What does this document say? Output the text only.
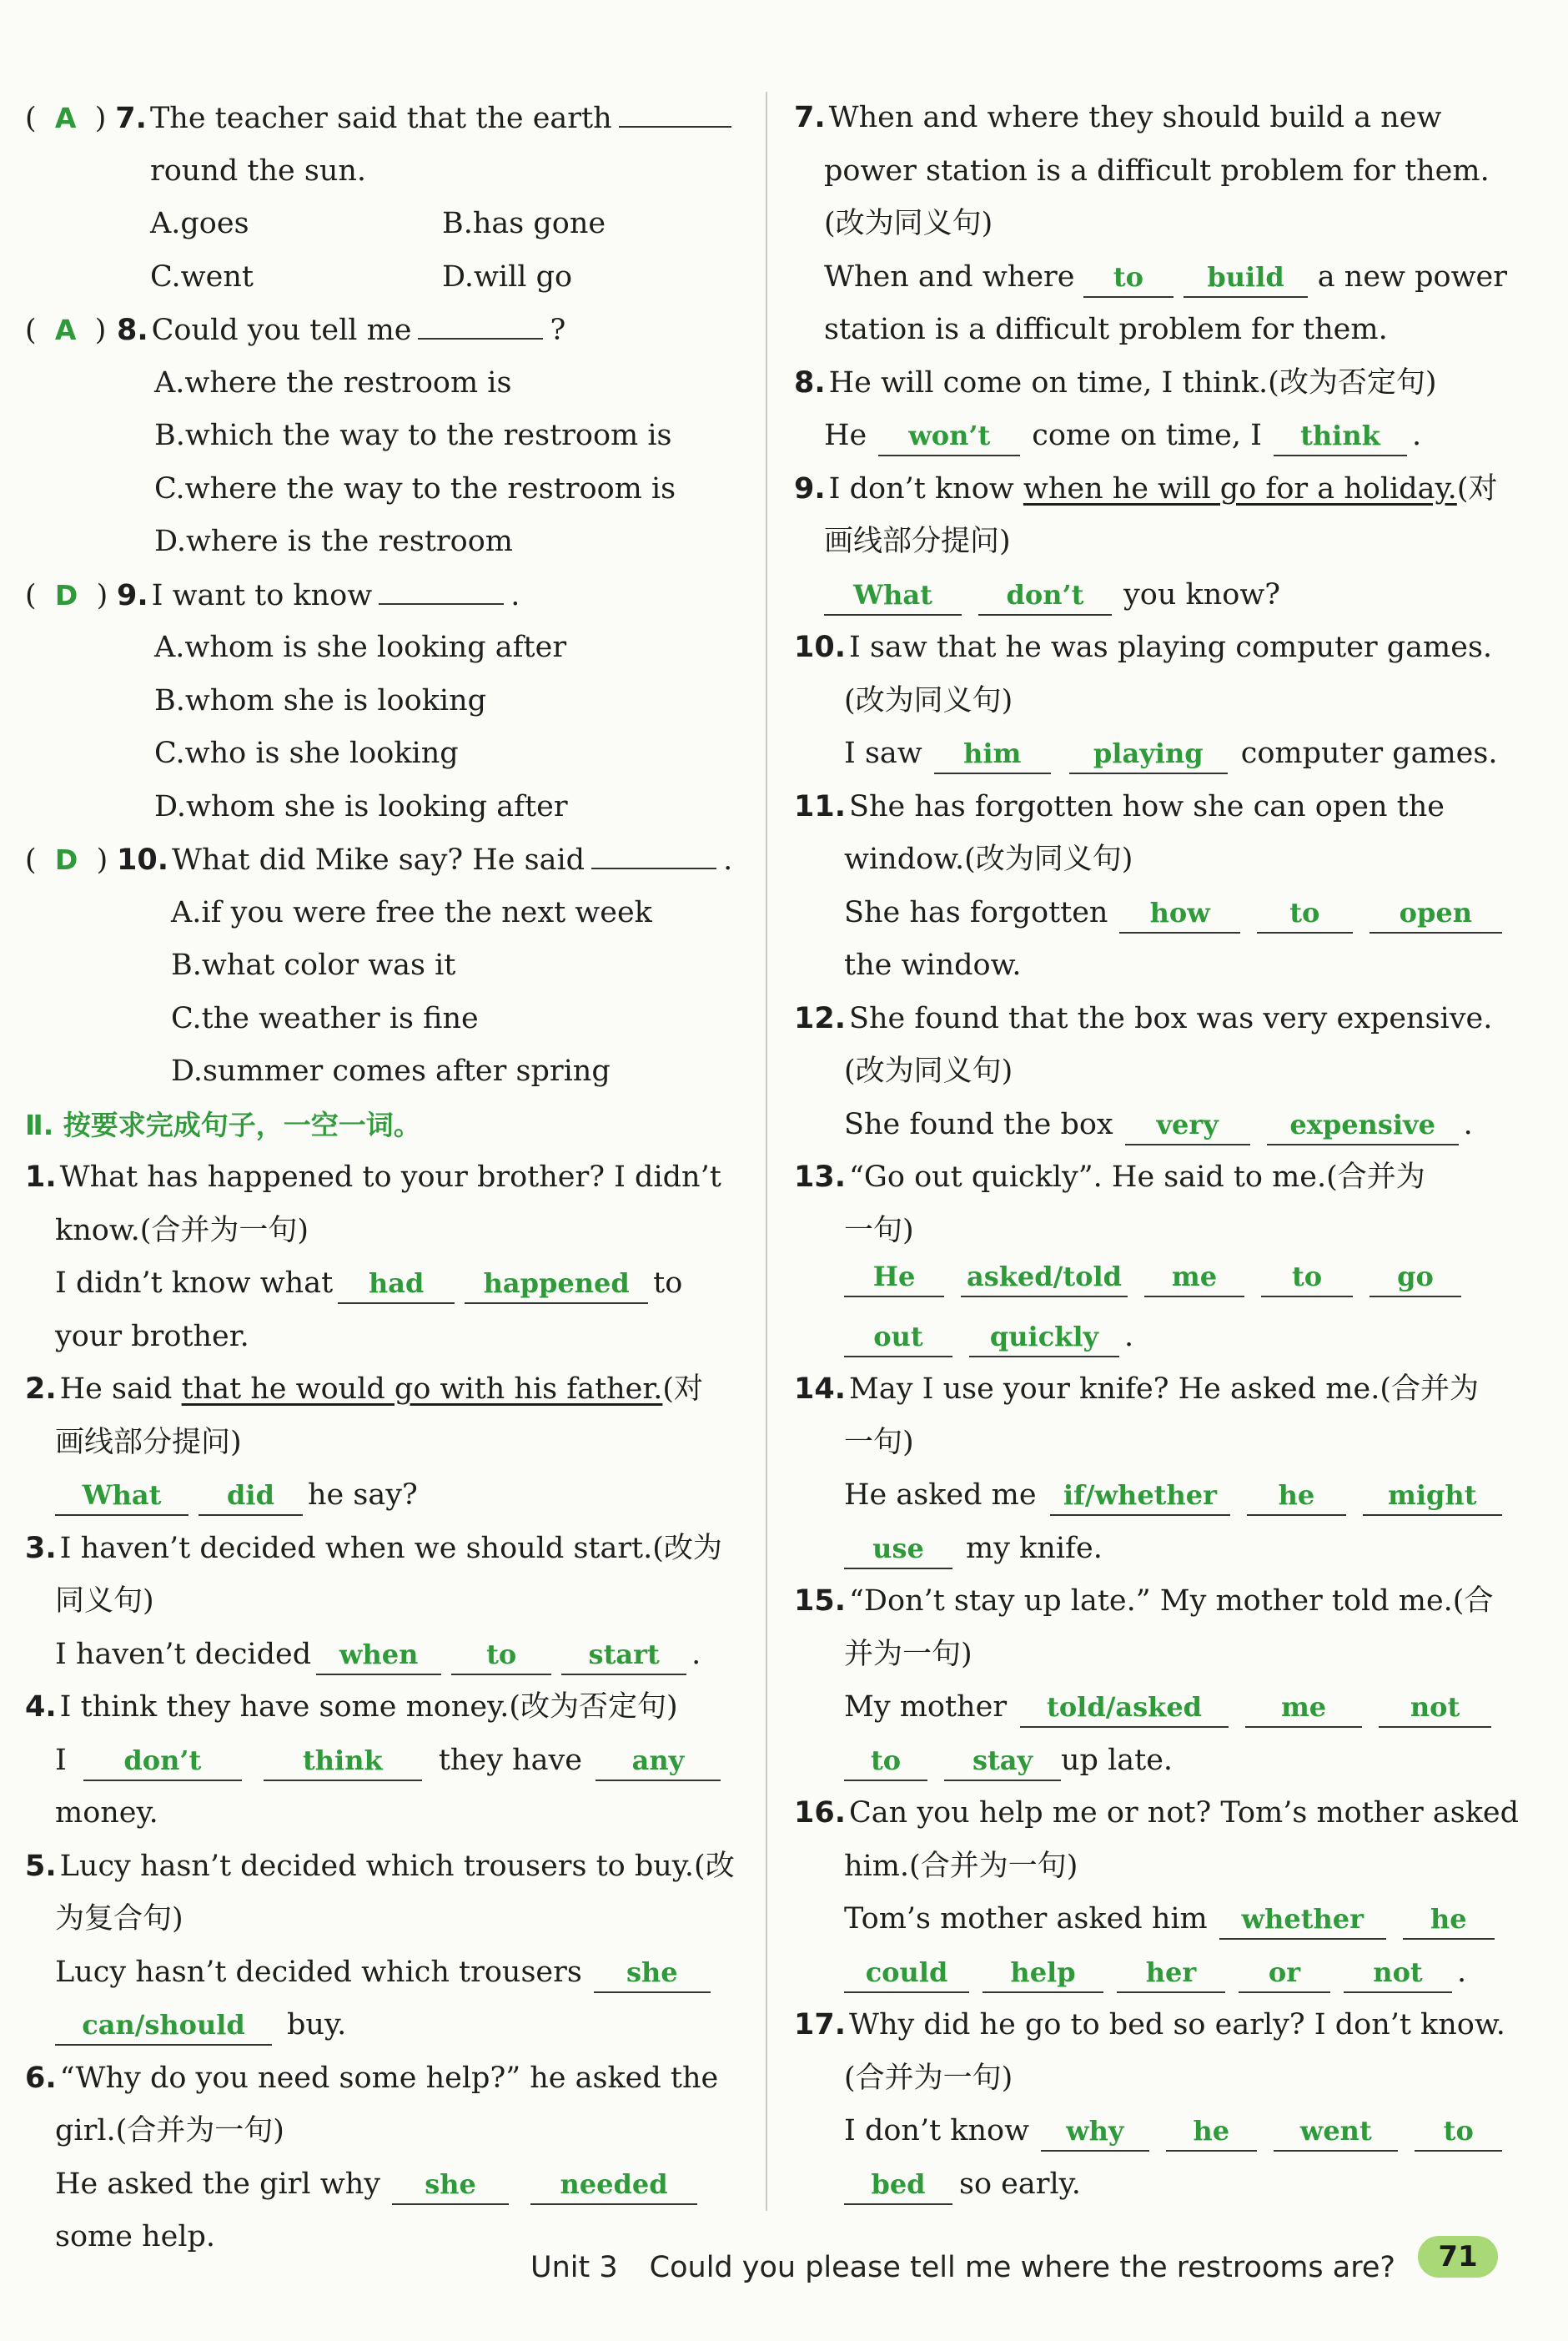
(  A  ) 7. The teacher said that the earth
round the sun.
A.goes	B.has gone
C.went	D.will go
(  A  ) 8. Could you tell me	?
A.where the restroom is
B.which the way to the restroom is
C.where the way to the restroom is
D.where is the restroom
(  D  ) 9. I want to know	.
A.whom is she looking after
B.whom she is looking
C.who is she looking
D.whom she is looking after
(  D  ) 10. What did Mike say? He said	.
A.if you were free the next week
B.what color was it
C.the weather is fine
D.summer comes after spring
Ⅱ. 按要求完成句子，一空一词。
1. What has happened to your brother? I didn’t
know.(合并为一句)
I didn’t know what	had	happened to
your brother.
2. He said
that he would go with his father. (对
画线部分提问)
What	did	he say?
3. I haven’t decided when we should start.(改为
同义句)
I haven’t decided	when	to	start	.
4. I think they have some money.(改为否定句)
I	don’t	think	they have	any
money.
5. Lucy hasn’t decided which trousers to buy.(改
为复合句)
Lucy hasn’t decided which trousers	she
can/should	buy.
6. “Why do you need some help?” he asked the
girl.(合并为一句)
He asked the girl why	she	needed
some help.
7. When and where they should build a new
power station is a difficult problem for them.
(改为同义句)
When and where	to	build	a new power
station is a difficult problem for them.
8. He will come on time, I think.(改为否定句)
He	won’t	come on time, I	think	.
9. I don’t know
when he will go for a holiday. (对
画线部分提问)
What	don’t	you know?
10. I saw that he was playing computer games.
(改为同义句)
I saw	him	playing	computer games.
11. She has forgotten how she can open the
window.(改为同义句)
She has forgotten	how	to	open
the window.
12. She found that the box was very expensive.
(改为同义句)
She found the box	very	expensive .
13. “Go out quickly”. He said to me.(合并为
一句)
He	asked/told	me	to	go
out	quickly .
14. May I use your knife? He asked me.(合并为
一句)
He asked me	if/whether	he	might
use	my knife.
15. “Don’t stay up late.” My mother told me.(合
并为一句)
My mother	told/asked	me	not
to	stay up late.
16. Can you help me or not? Tom’s mother asked
him.(合并为一句)
Tom’s mother asked him	whether	he
could	help	her	or	not	.
17. Why did he go to bed so early? I don’t know.
(合并为一句)
I don’t know	why	he	went	to
bed	so early.
Unit 3 Could you please tell me where the restrooms are?	71
